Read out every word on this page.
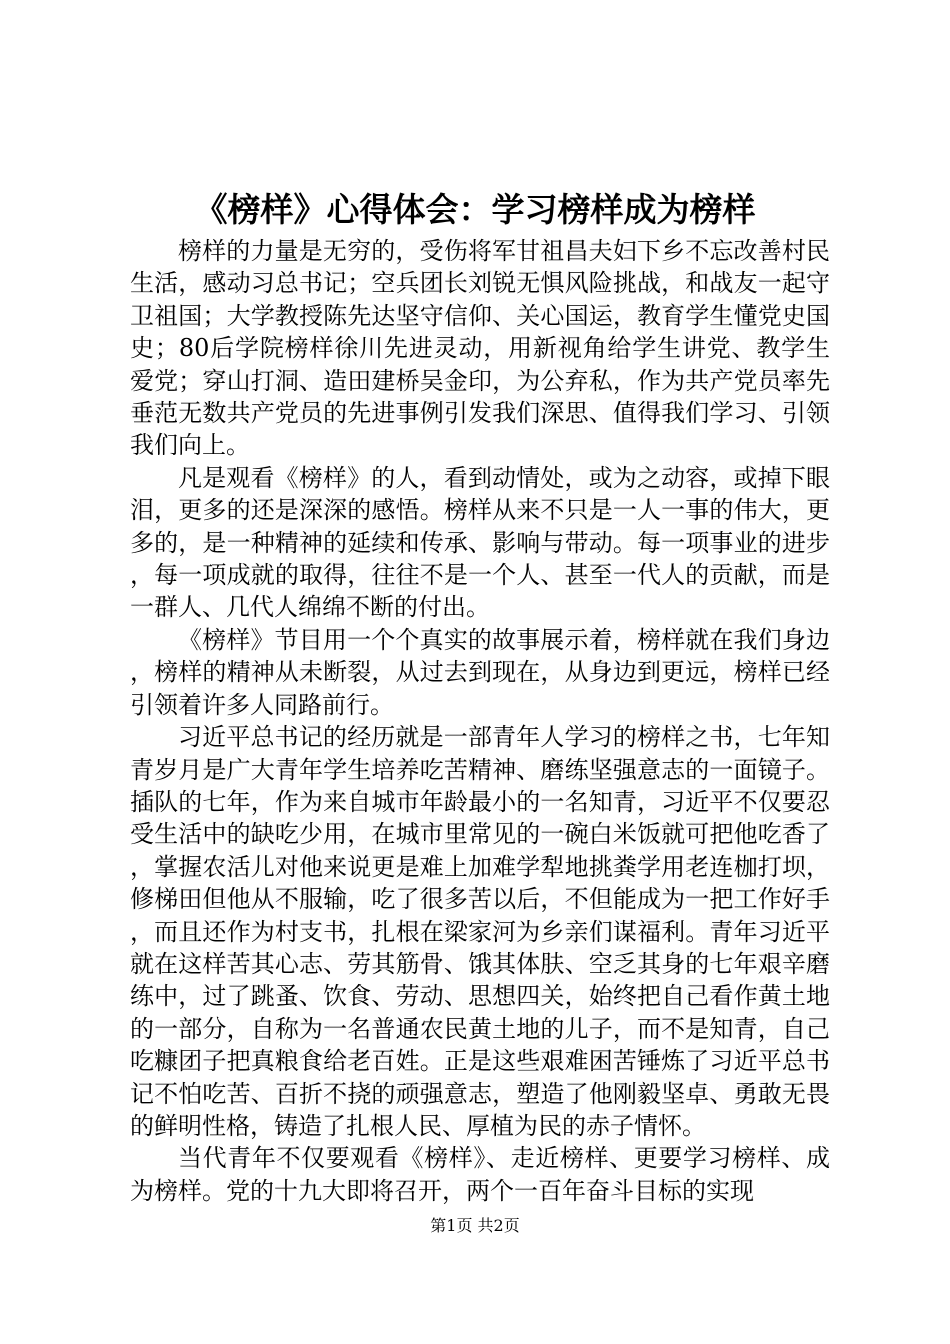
《榜样》心得体会：学习榜样成为榜样

榜样的力量是无穷的，受伤将军甘祖昌夫妇下乡不忘改善村民生活，感动习总书记；空兵团长刘锐无惧风险挑战，和战友一起守卫祖国；大学教授陈先达坚守信仰、关心国运，教育学生懂党史国史；80后学院榜样徐川先进灵动，用新视角给学生讲党、教学生爱党；穿山打洞、造田建桥吴金印，为公弃私，作为共产党员率先垂范无数共产党员的先进事例引发我们深思、值得我们学习、引领我们向上。

凡是观看《榜样》的人，看到动情处，或为之动容，或掉下眼泪，更多的还是深深的感悟。榜样从来不只是一人一事的伟大，更多的，是一种精神的延续和传承、影响与带动。每一项事业的进步，每一项成就的取得，往往不是一个人、甚至一代人的贡献，而是一群人、几代人绵绵不断的付出。

《榜样》节目用一个个真实的故事展示着，榜样就在我们身边，榜样的精神从未断裂，从过去到现在，从身边到更远，榜样已经引领着许多人同路前行。

习近平总书记的经历就是一部青年人学习的榜样之书，七年知青岁月是广大青年学生培养吃苦精神、磨练坚强意志的一面镜子。插队的七年，作为来自城市年龄最小的一名知青，习近平不仅要忍受生活中的缺吃少用，在城市里常见的一碗白米饭就可把他吃香了，掌握农活儿对他来说更是难上加难学犁地挑粪学用老连枷打坝，修梯田但他从不服输，吃了很多苦以后，不但能成为一把工作好手，而且还作为村支书，扎根在梁家河为乡亲们谋福利。青年习近平就在这样苦其心志、劳其筋骨、饿其体肤、空乏其身的七年艰辛磨练中，过了跳蚤、饮食、劳动、思想四关，始终把自己看作黄土地的一部分，自称为一名普通农民黄土地的儿子，而不是知青，自己吃糠团子把真粮食给老百姓。正是这些艰难困苦锤炼了习近平总书记不怕吃苦、百折不挠的顽强意志，塑造了他刚毅坚卓、勇敢无畏的鲜明性格，铸造了扎根人民、厚植为民的赤子情怀。

当代青年不仅要观看《榜样》、走近榜样、更要学习榜样、成为榜样。党的十九大即将召开，两个一百年奋斗目标的实现

第1页 共2页
